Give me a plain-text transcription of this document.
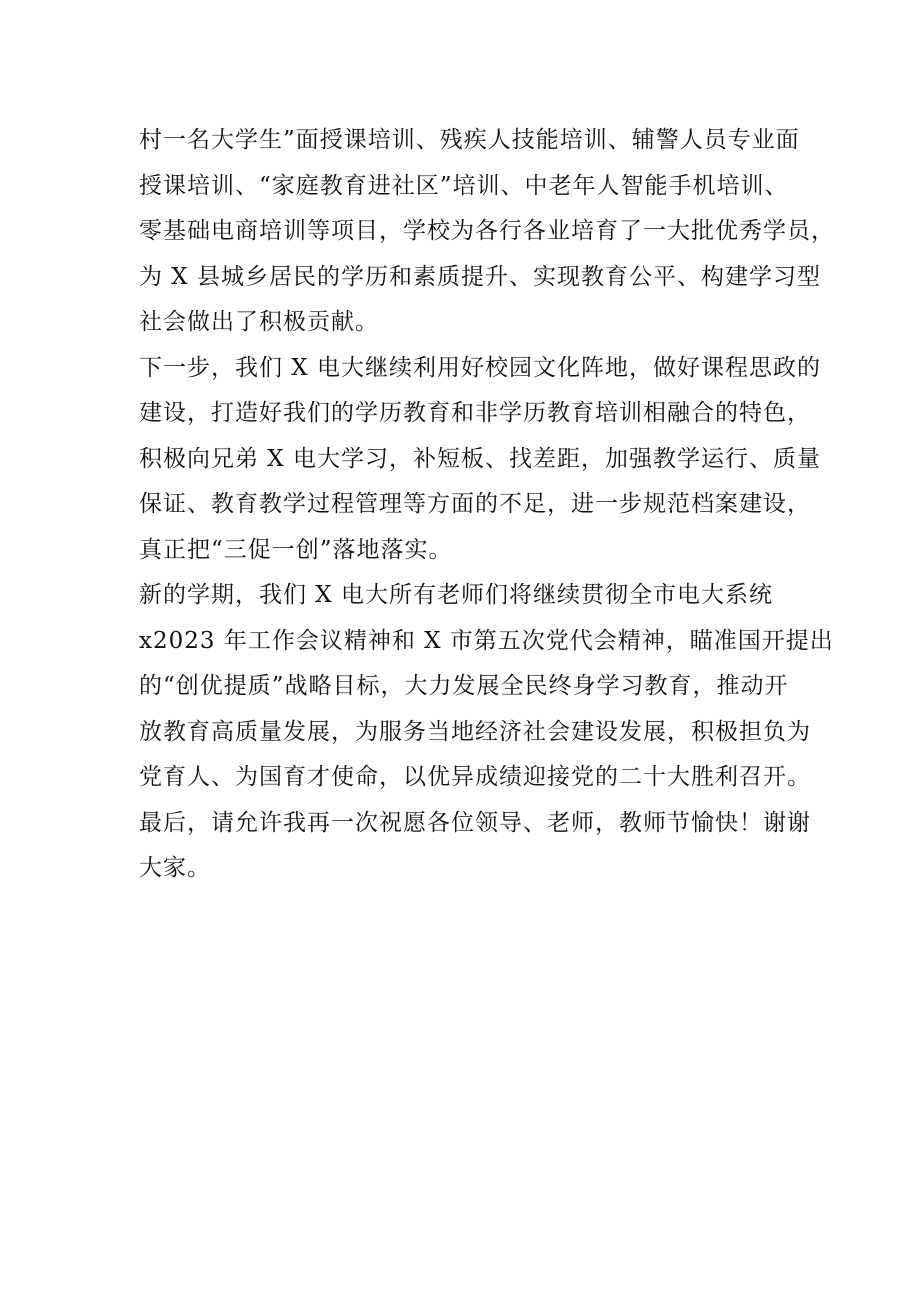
村一名大学生”面授课培训、残疾人技能培训、辅警人员专业面
授课培训、“家庭教育进社区”培训、中老年人智能手机培训、
零基础电商培训等项目，学校为各行各业培育了一大批优秀学员，
为 X 县城乡居民的学历和素质提升、实现教育公平、构建学习型
社会做出了积极贡献。
下一步，我们 X 电大继续利用好校园文化阵地，做好课程思政的
建设，打造好我们的学历教育和非学历教育培训相融合的特色，
积极向兄弟 X 电大学习，补短板、找差距，加强教学运行、质量
保证、教育教学过程管理等方面的不足，进一步规范档案建设，
真正把“三促一创”落地落实。
新的学期，我们 X 电大所有老师们将继续贯彻全市电大系统
x2023 年工作会议精神和 X 市第五次党代会精神，瞄准国开提出
的“创优提质”战略目标，大力发展全民终身学习教育，推动开
放教育高质量发展，为服务当地经济社会建设发展，积极担负为
党育人、为国育才使命，以优异成绩迎接党的二十大胜利召开。
最后，请允许我再一次祝愿各位领导、老师，教师节愉快！谢谢
大家。
